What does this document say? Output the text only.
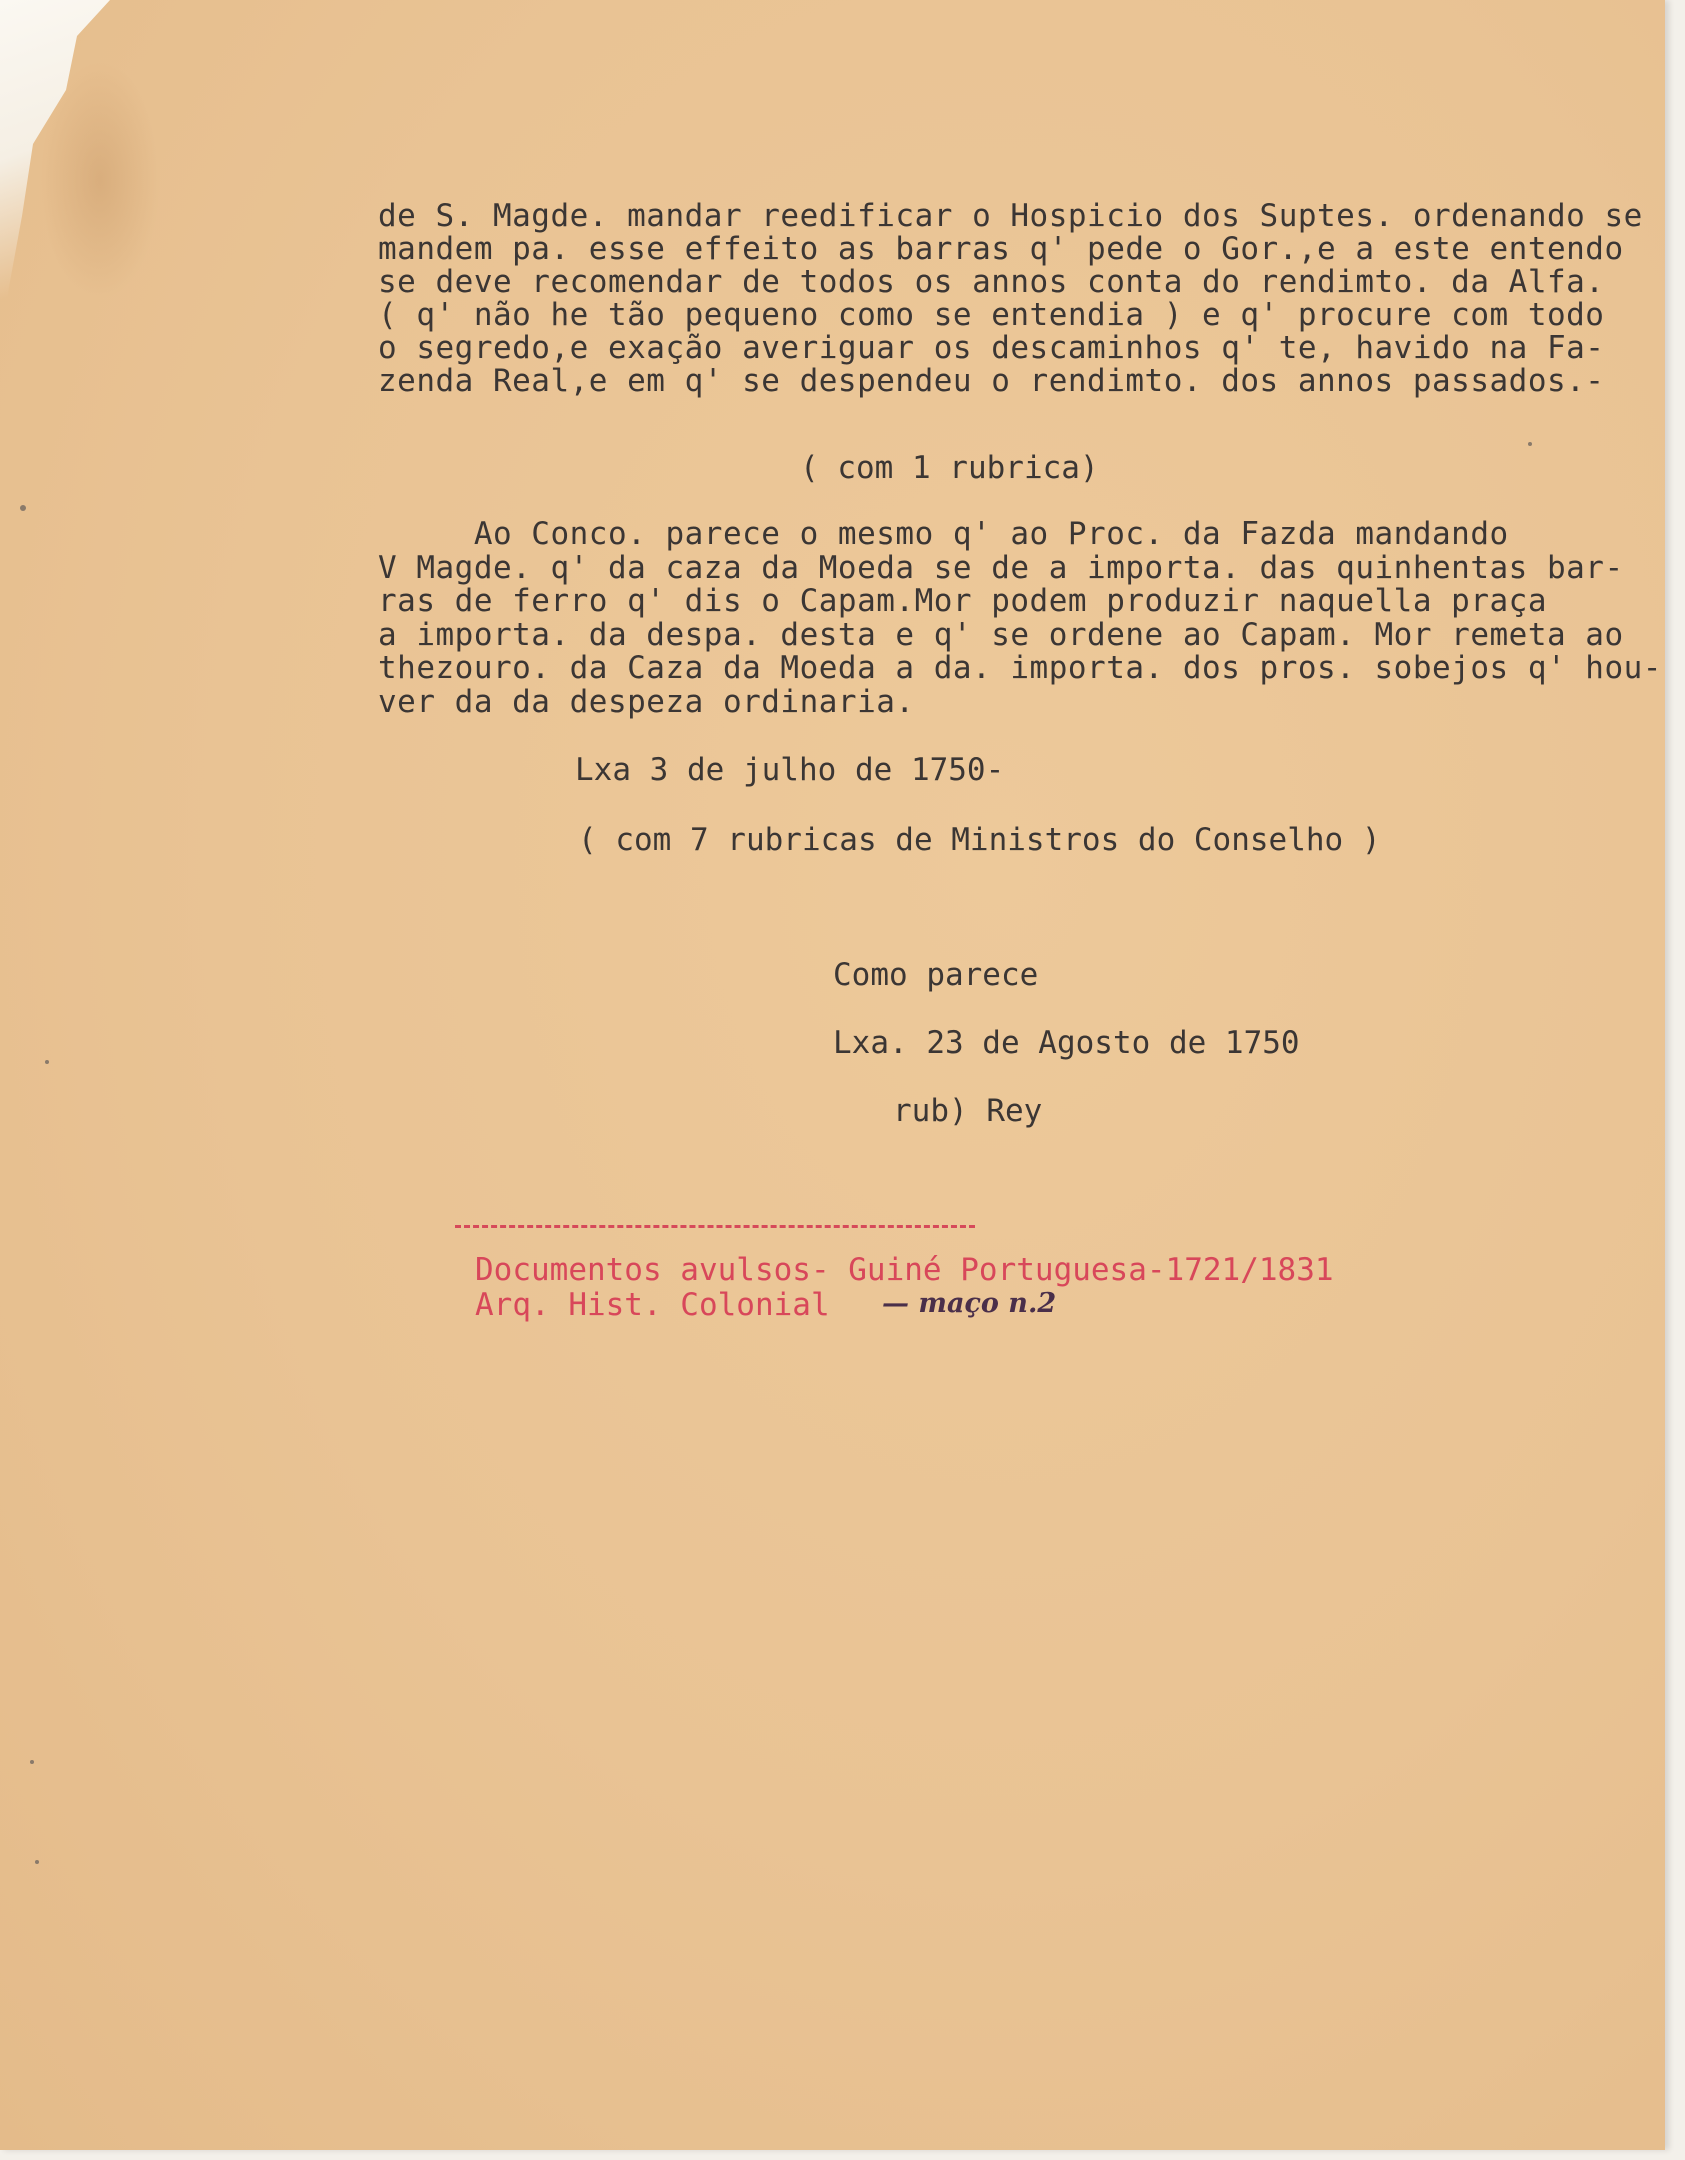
de S. Magde. mandar reedificar o Hospicio dos Suptes. ordenando se
mandem pa. esse effeito as barras q' pede o Gor.,e a este entendo
se deve recomendar de todos os annos conta do rendimto. da Alfa.
( q' não he tão pequeno como se entendia ) e q' procure com todo
o segredo,e exação averiguar os descaminhos q' te, havido na Fa-
zenda Real,e em q' se despendeu o rendimto. dos annos passados.-
( com 1 rubrica)
Ao Conco. parece o mesmo q' ao Proc. da Fazda mandando
V Magde. q' da caza da Moeda se de a importa. das quinhentas bar-
ras de ferro q' dis o Capam.Mor podem produzir naquella praça
a importa. da despa. desta e q' se ordene ao Capam. Mor remeta ao
thezouro. da Caza da Moeda a da. importa. dos pros. sobejos q' hou-
ver da da despeza ordinaria.
Lxa 3 de julho de 1750-
( com 7 rubricas de Ministros do Conselho )
Como parece
Lxa. 23 de Agosto de 1750
rub) Rey
Documentos avulsos- Guiné Portuguesa-1721/1831
Arq. Hist. Colonial — maço n.2
